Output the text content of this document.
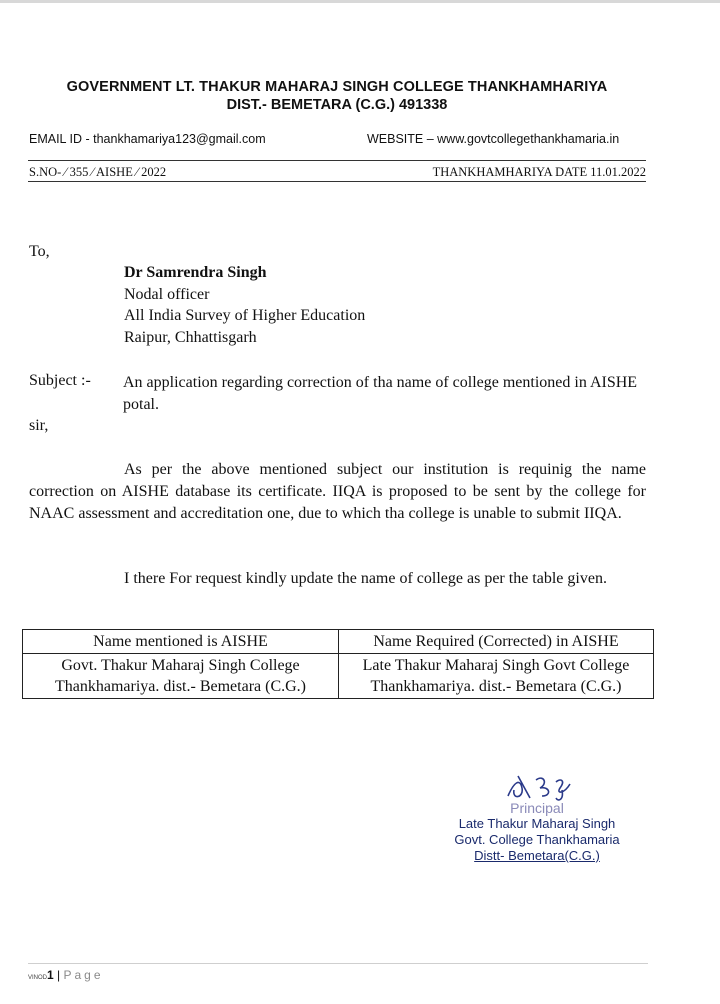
GOVERNMENT LT. THAKUR MAHARAJ SINGH COLLEGE THANKHAMHARIYA
DIST.- BEMETARA (C.G.) 491338
EMAIL ID - thankhamariya123@gmail.com	WEBSITE – www.govtcollegethankhamaria.in
S.NO- ⁄ 355 ⁄ AISHE ⁄ 2022	THANKHAMHARIYA DATE 11.01.2022
To,
Dr Samrendra Singh
Nodal officer
All India Survey of Higher Education
Raipur, Chhattisgarh
Subject :- An application regarding correction of tha name of college mentioned in AISHE potal.
sir,
As per the above mentioned subject our institution is requinig the name correction on AISHE database its certificate. IIQA is proposed to be sent by the college for NAAC assessment and accreditation one, due to which tha college is unable to submit IIQA.
I there For request kindly update the name of college as per the table given.
Name mentioned is AISHE	Name Required (Corrected) in AISHE
Govt. Thakur Maharaj Singh College Thankhamariya. dist.- Bemetara (C.G.)	Late Thakur Maharaj Singh Govt College Thankhamariya. dist.- Bemetara (C.G.)
Principal
Late Thakur Maharaj Singh
Govt. College Thankhamaria
Distt- Bemetara(C.G.)
VINOD1 | Page
